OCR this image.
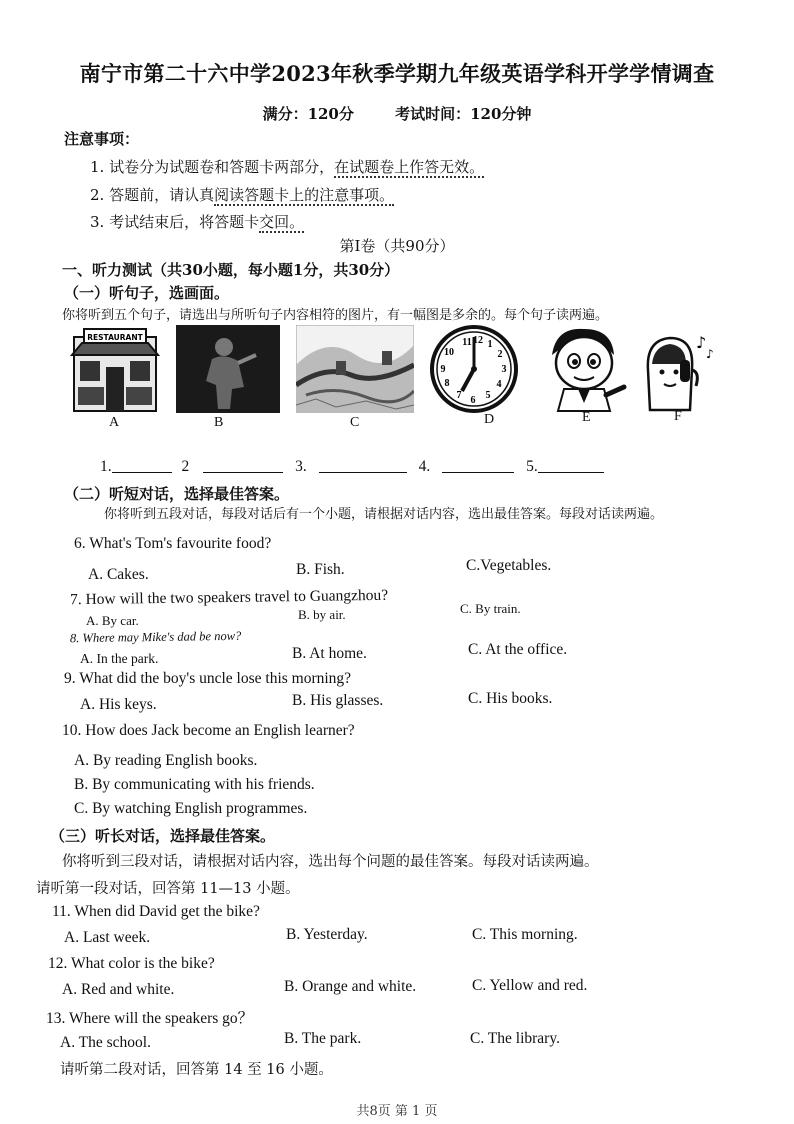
南宁市第二十六中学2023年秋季学期九年级英语学科开学学情调查
满分：120分	考试时间：120分钟
注意事项：
1. 试卷分为试题卷和答题卡两部分，在试题卷上作答无效。
2. 答题前，请认真阅读答题卡上的注意事项。
3. 考试结束后，将答题卡交回。
第Ⅰ卷（共90分）
一、听力测试（共30小题，每小题1分，共30分）
（一）听句子，选画面。
你将听到五个句子，请选出与所听句子内容相符的图片，有一幅图是多余的。每个句子读两遍。
RESTAURANT	11 12 1
2
3
4
5
6
7
8
9
10
♪
♪
A	B	C	D	E	F
1.	2	3.	4.	5.
（二）听短对话，选择最佳答案。
你将听到五段对话，每段对话后有一个小题，请根据对话内容，选出最佳答案。每段对话读两遍。
6. What's Tom's favourite food?
A. Cakes.	B. Fish.	C.Vegetables.
7. How will the two speakers travel to Guangzhou?
A. By car.	B. by air.	C. By train.
8. Where may Mike's dad be now?
A. In the park.	B. At home.	C. At the office.
9. What did the boy's uncle lose this morning?
A. His keys.	B. His glasses.	C. His books.
10. How does Jack become an English learner?
A. By reading English books.
B. By communicating with his friends.
C. By watching English programmes.
（三）听长对话，选择最佳答案。
你将听到三段对话，请根据对话内容，选出每个问题的最佳答案。每段对话读两遍。
请听第一段对话，回答第 11—13 小题。
11. When did David get the bike?
A. Last week.	B. Yesterday.	C. This morning.
12. What color is the bike?
A. Red and white.	B. Orange and white.	C. Yellow and red.
13. Where will the speakers go？
A. The school.	B. The park.	C. The library.
请听第二段对话，回答第 14 至 16 小题。
共8页 第 1 页
